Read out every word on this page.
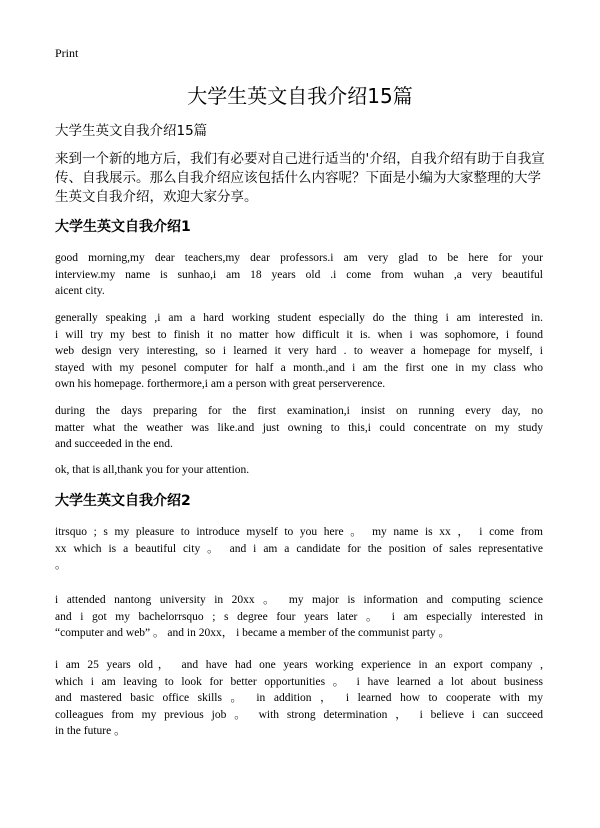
Print
大学生英文自我介绍15篇
大学生英文自我介绍15篇

来到一个新的地方后，我们有必要对自己进行适当的'介绍，自我介绍有助于自我宣传、自我展示。那么自我介绍应该包括什么内容呢？下面是小编为大家整理的大学生英文自我介绍，欢迎大家分享。

大学生英文自我介绍1
good morning,my dear teachers,my dear professors.i am very glad to be here for your
interview.my name is sunhao,i am 18 years old .i come from wuhan ,a very beautiful
aicent city.
generally speaking ,i am a hard working student especially do the thing i am interested in.
i will try my best to finish it no matter how difficult it is. when i was sophomore, i found
web design very interesting, so i learned it very hard . to weaver a homepage for myself, i
stayed with my pesonel computer for half a month.,and i am the first one in my class who
own his homepage. forthermore,i am a person with great perserverence.
during the days preparing for the first examination,i insist on running every day, no
matter what the weather was like.and just owning to this,i could concentrate on my study
and succeeded in the end.
ok, that is all,thank you for your attention.
大学生英文自我介绍2
itrsquo ; s my pleasure to introduce myself to you here 。 my name is xx ， i come from
xx which is a beautiful city 。 and i am a candidate for the position of sales representative
。
i attended nantong university in 20xx 。 my major is information and computing science
and i got my bachelorrsquo ; s degree four years later 。 i am especially interested in
“computer and web” 。 and in 20xx， i became a member of the communist party 。
i am 25 years old， and have had one years working experience in an export company ,
which i am leaving to look for better opportunities 。 i have learned a lot about business
and mastered basic office skills 。 in addition ， i learned how to cooperate with my
colleagues from my previous job 。 with strong determination ， i believe i can succeed
in the future 。
